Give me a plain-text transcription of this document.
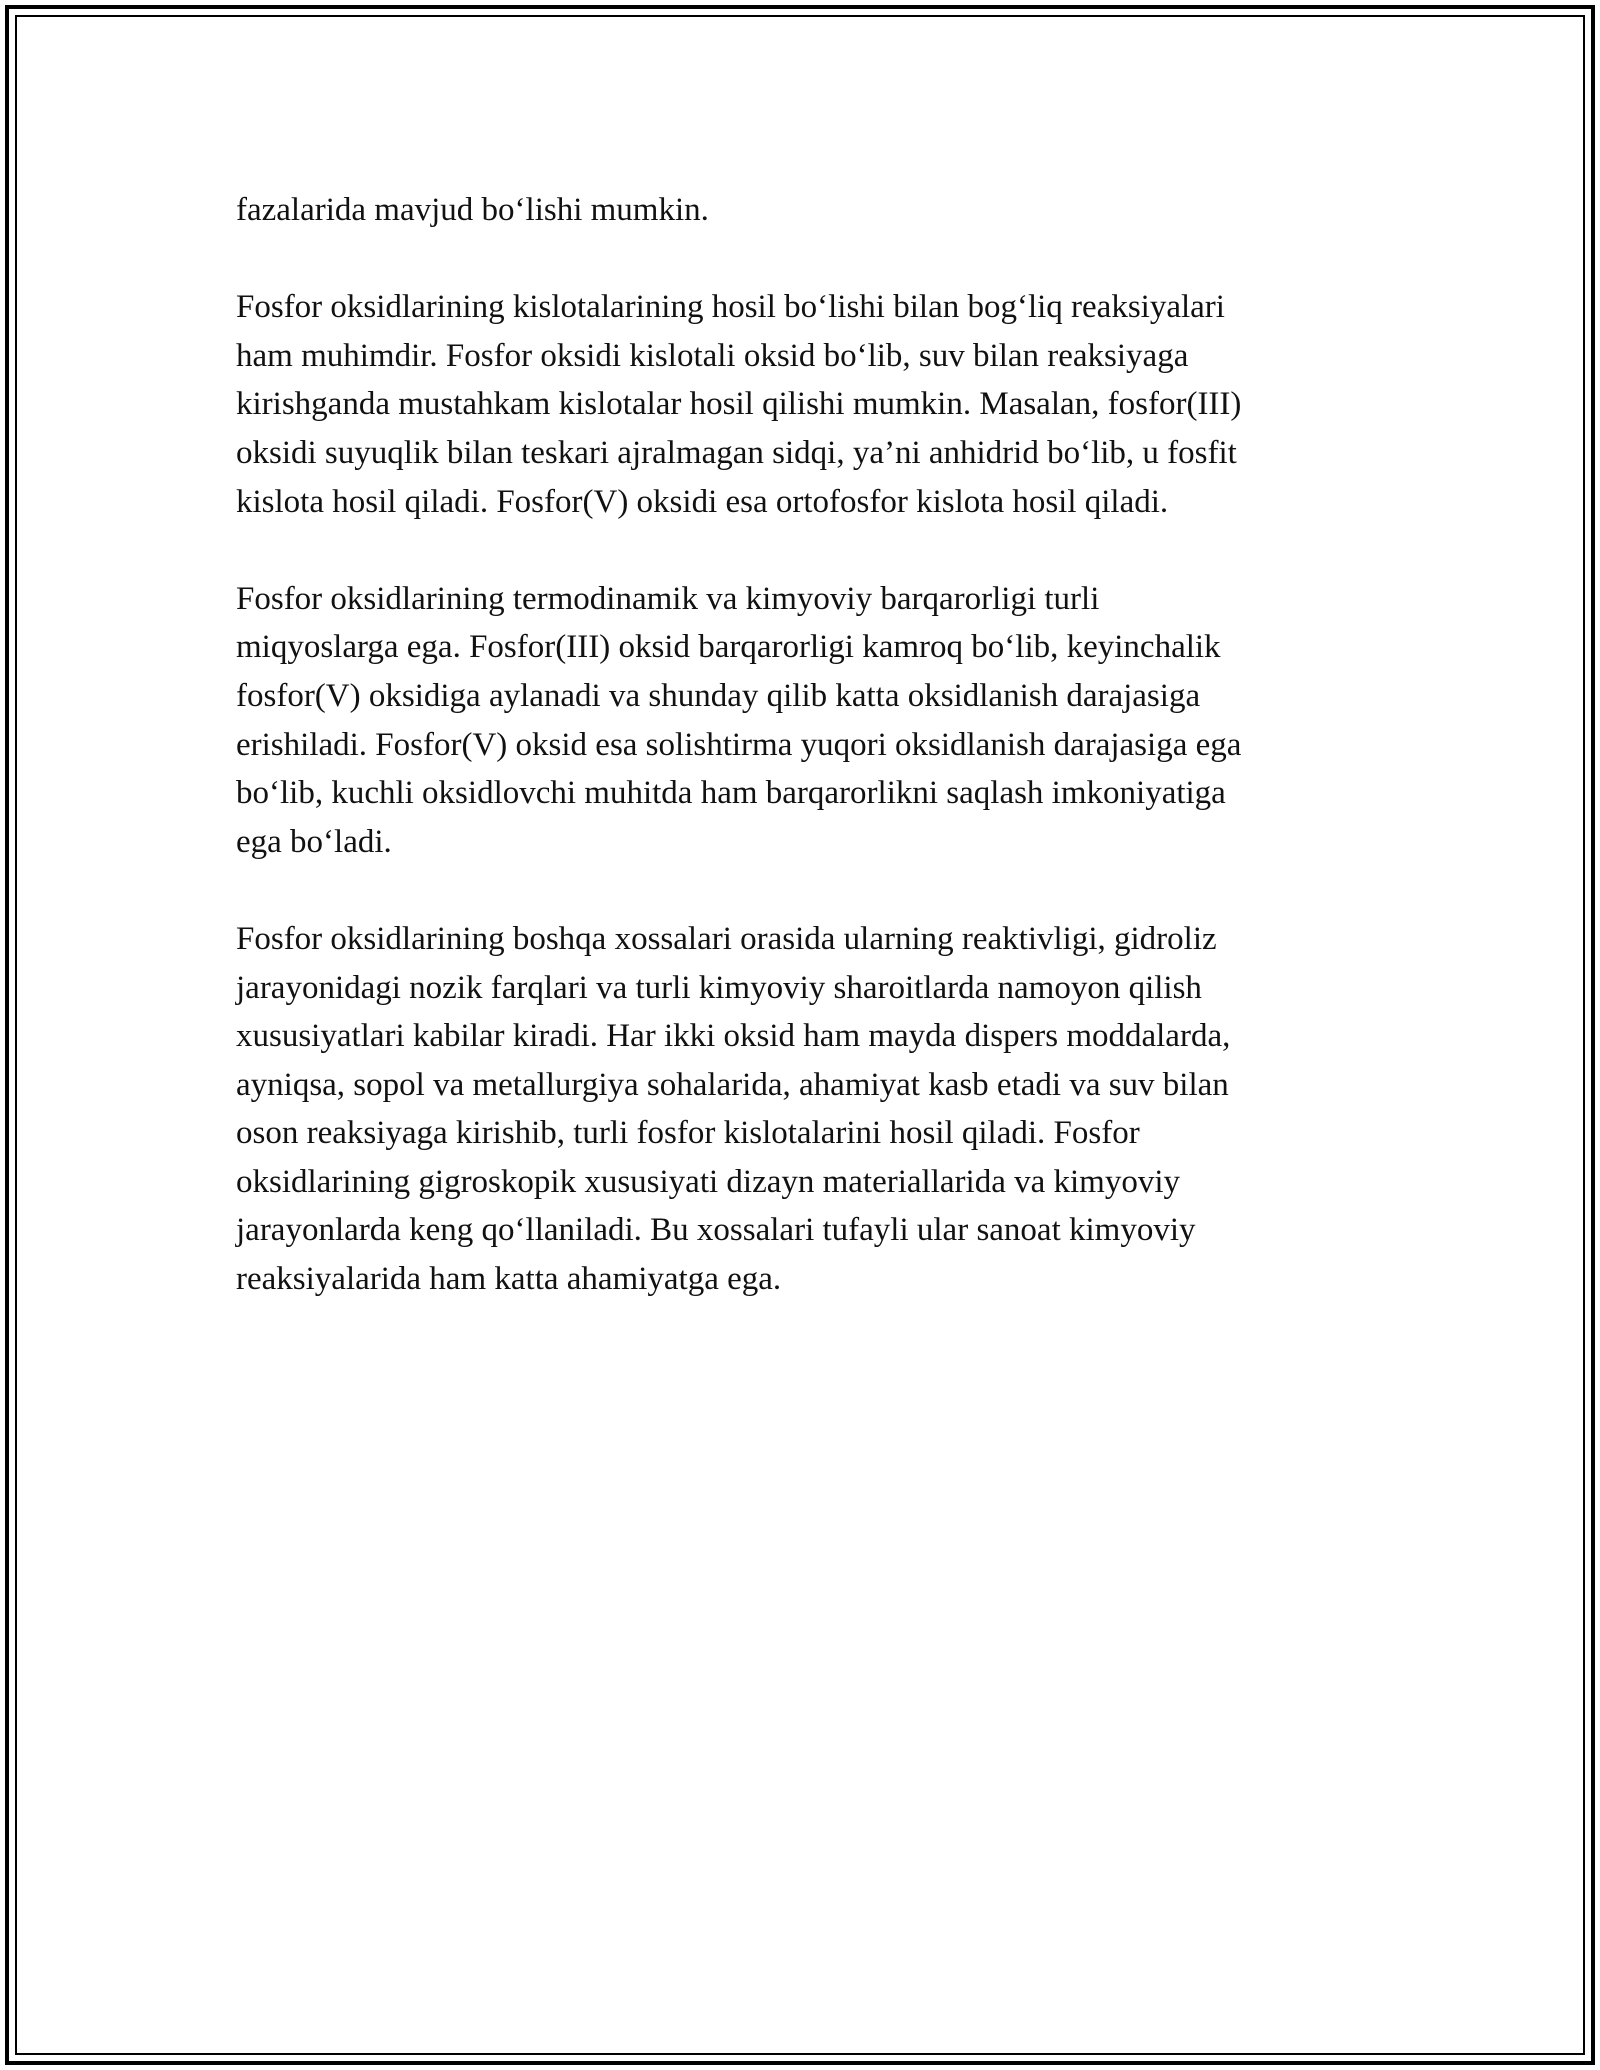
fazalarida mavjud bo‘lishi mumkin.

Fosfor oksidlarining kislotalarining hosil bo‘lishi bilan bog‘liq reaksiyalari
ham muhimdir. Fosfor oksidi kislotali oksid bo‘lib, suv bilan reaksiyaga
kirishganda mustahkam kislotalar hosil qilishi mumkin. Masalan, fosfor(III)
oksidi suyuqlik bilan teskari ajralmagan sidqi, ya’ni anhidrid bo‘lib, u fosfit
kislota hosil qiladi. Fosfor(V) oksidi esa ortofosfor kislota hosil qiladi.

Fosfor oksidlarining termodinamik va kimyoviy barqarorligi turli
miqyoslarga ega. Fosfor(III) oksid barqarorligi kamroq bo‘lib, keyinchalik
fosfor(V) oksidiga aylanadi va shunday qilib katta oksidlanish darajasiga
erishiladi. Fosfor(V) oksid esa solishtirma yuqori oksidlanish darajasiga ega
bo‘lib, kuchli oksidlovchi muhitda ham barqarorlikni saqlash imkoniyatiga
ega bo‘ladi.

Fosfor oksidlarining boshqa xossalari orasida ularning reaktivligi, gidroliz
jarayonidagi nozik farqlari va turli kimyoviy sharoitlarda namoyon qilish
xususiyatlari kabilar kiradi. Har ikki oksid ham mayda dispers moddalarda,
ayniqsa, sopol va metallurgiya sohalarida, ahamiyat kasb etadi va suv bilan
oson reaksiyaga kirishib, turli fosfor kislotalarini hosil qiladi. Fosfor
oksidlarining gigroskopik xususiyati dizayn materiallarida va kimyoviy
jarayonlarda keng qo‘llaniladi. Bu xossalari tufayli ular sanoat kimyoviy
reaksiyalarida ham katta ahamiyatga ega.
